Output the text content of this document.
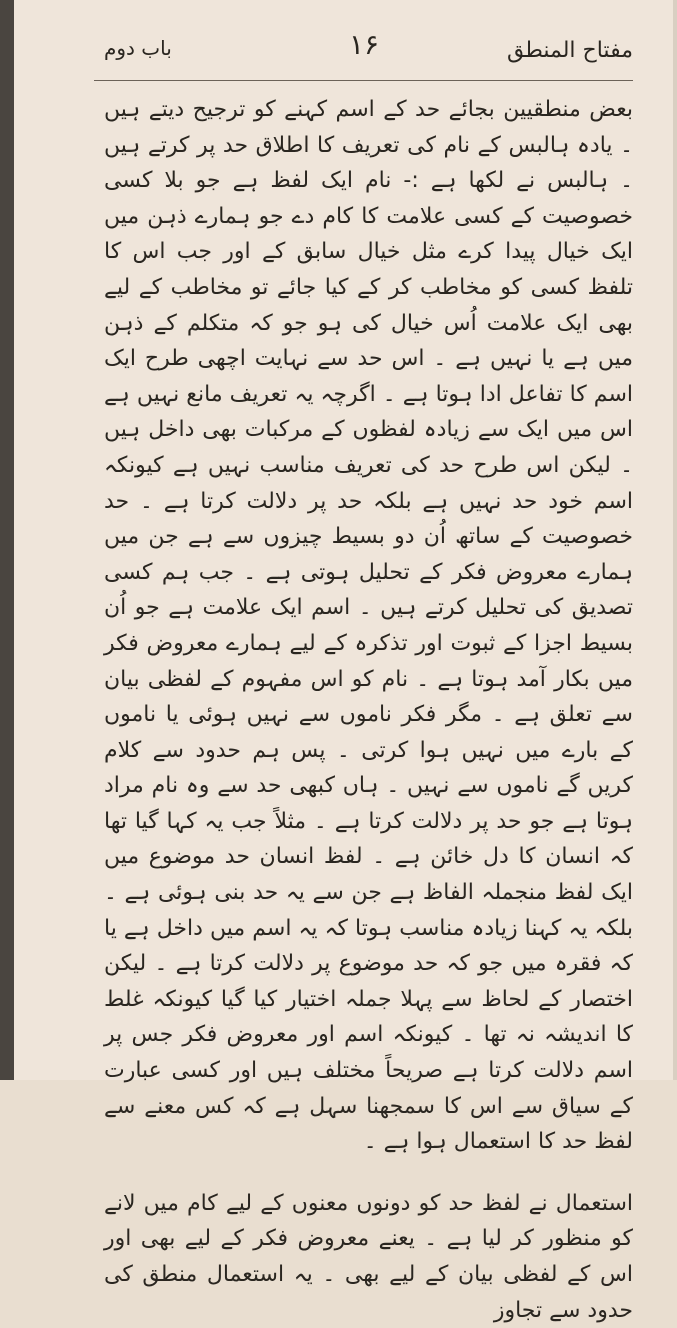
باب دوم	۱۶	مفتاح المنطق

بعض منطقیین بجائے حد کے اسم کہنے کو ترجیح دیتے ہیں ۔ یادہ ہالبس کے نام کی تعریف کا اطلاق حد پر کرتے ہیں ۔ ہالبس نے لکھا ہے :- نام ایک لفظ ہے جو بلا کسی خصوصیت کے کسی علامت کا کام دے جو ہمارے ذہن میں ایک خیال پیدا کرے مثل خیال سابق کے اور جب اس کا تلفظ کسی کو مخاطب کر کے کیا جائے تو مخاطب کے لیے بھی ایک علامت اُس خیال کی ہو جو کہ متکلم کے ذہن میں ہے یا نہیں ہے ۔ اس حد سے نہایت اچھی طرح ایک اسم کا تفاعل ادا ہوتا ہے ۔ اگرچہ یہ تعریف مانع نہیں ہے اس میں ایک سے زیادہ لفظوں کے مرکبات بھی داخل ہیں ۔ لیکن اس طرح حد کی تعریف مناسب نہیں ہے کیونکہ اسم خود حد نہیں ہے بلکہ حد پر دلالت کرتا ہے ۔ حد خصوصیت کے ساتھ اُن دو بسیط چیزوں سے ہے جن میں ہمارے معروض فکر کے تحلیل ہوتی ہے ۔ جب ہم کسی تصدیق کی تحلیل کرتے ہیں ۔ اسم ایک علامت ہے جو اُن بسیط اجزا کے ثبوت اور تذکرہ کے لیے ہمارے معروض فکر میں بکار آمد ہوتا ہے ۔ نام کو اس مفہوم کے لفظی بیان سے تعلق ہے ۔ مگر فکر ناموں سے نہیں ہوئی یا ناموں کے بارے میں نہیں ہوا کرتی ۔ پس ہم حدود سے کلام کریں گے ناموں سے نہیں ۔ ہاں کبھی حد سے وہ نام مراد ہوتا ہے جو حد پر دلالت کرتا ہے ۔ مثلاً جب یہ کہا گیا تھا کہ انسان کا دل خائن ہے ۔ لفظ انسان حد موضوع میں ایک لفظ منجملہ الفاظ ہے جن سے یہ حد بنی ہوئی ہے ۔ بلکہ یہ کہنا زیادہ مناسب ہوتا کہ یہ اسم میں داخل ہے یا کہ فقرہ میں جو کہ حد موضوع پر دلالت کرتا ہے ۔ لیکن اختصار کے لحاظ سے پہلا جملہ اختیار کیا گیا کیونکہ غلط کا اندیشہ نہ تھا ۔ کیونکہ اسم اور معروض فکر جس پر اسم دلالت کرتا ہے صریحاً مختلف ہیں اور کسی عبارت کے سیاق سے اس کا سمجھنا سہل ہے کہ کس معنے سے لفظ حد کا استعمال ہوا ہے ۔

استعمال نے لفظ حد کو دونوں معنوں کے لیے کام میں لانے کو منظور کر لیا ہے ۔ یعنے معروض فکر کے لیے بھی اور اس کے لفظی بیان کے لیے بھی ۔ یہ استعمال منطق کی حدود سے تجاوز
